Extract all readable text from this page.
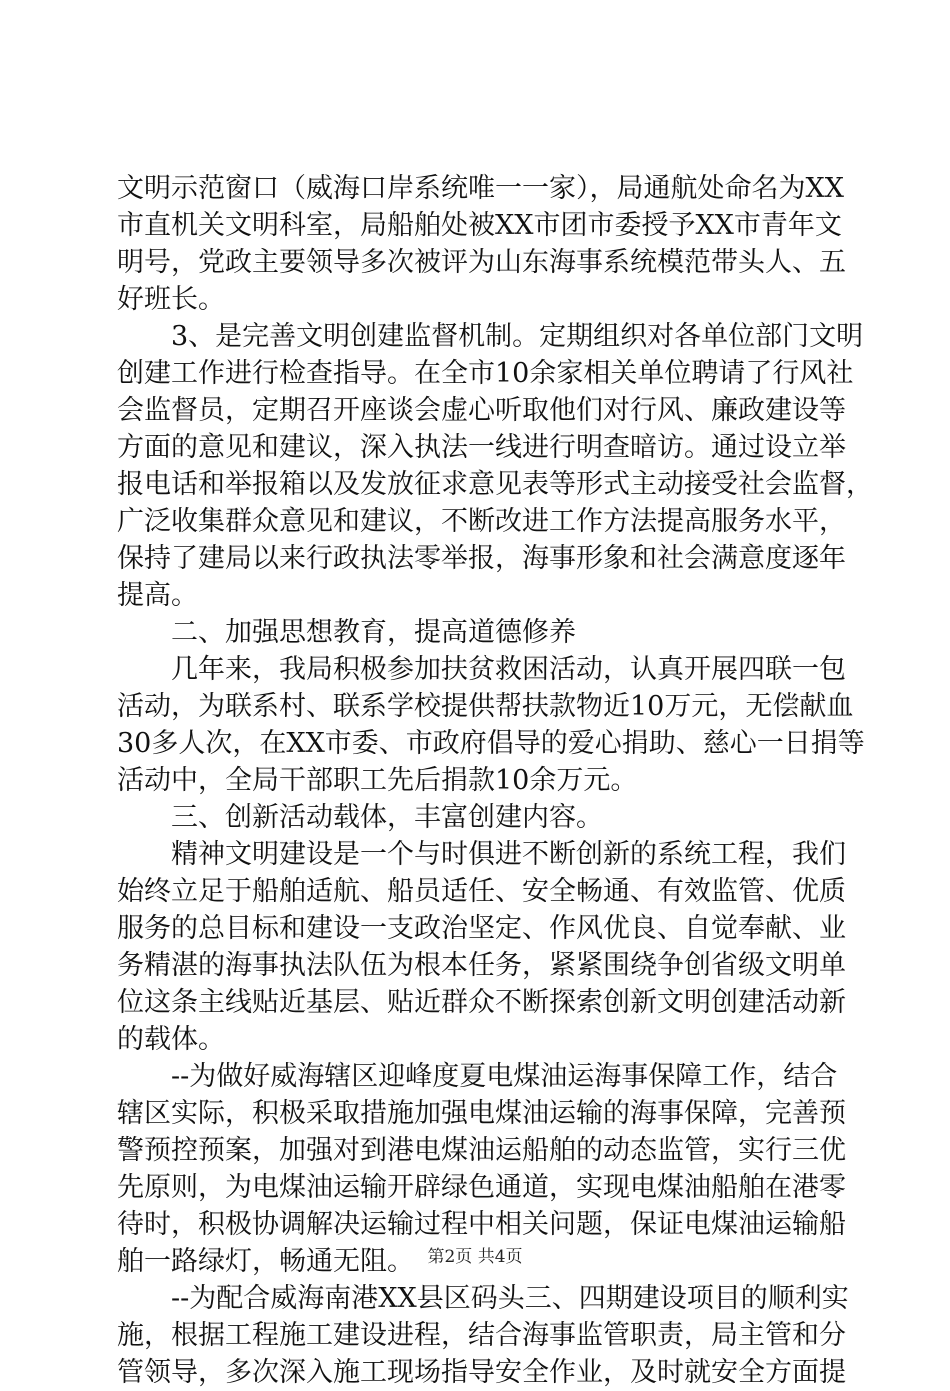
文明示范窗口（威海口岸系统唯一一家），局通航处命名为XX
市直机关文明科室，局船舶处被XX市团市委授予XX市青年文
明号，党政主要领导多次被评为山东海事系统模范带头人、五
好班长。
3、是完善文明创建监督机制。定期组织对各单位部门文明
创建工作进行检查指导。在全市10余家相关单位聘请了行风社
会监督员，定期召开座谈会虚心听取他们对行风、廉政建设等
方面的意见和建议，深入执法一线进行明查暗访。通过设立举
报电话和举报箱以及发放征求意见表等形式主动接受社会监督，
广泛收集群众意见和建议，不断改进工作方法提高服务水平，
保持了建局以来行政执法零举报，海事形象和社会满意度逐年
提高。
二、加强思想教育，提高道德修养
几年来，我局积极参加扶贫救困活动，认真开展四联一包
活动，为联系村、联系学校提供帮扶款物近10万元，无偿献血
30多人次，在XX市委、市政府倡导的爱心捐助、慈心一日捐等
活动中，全局干部职工先后捐款10余万元。
三、创新活动载体，丰富创建内容。
精神文明建设是一个与时俱进不断创新的系统工程，我们
始终立足于船舶适航、船员适任、安全畅通、有效监管、优质
服务的总目标和建设一支政治坚定、作风优良、自觉奉献、业
务精湛的海事执法队伍为根本任务，紧紧围绕争创省级文明单
位这条主线贴近基层、贴近群众不断探索创新文明创建活动新
的载体。
--为做好威海辖区迎峰度夏电煤油运海事保障工作，结合
辖区实际，积极采取措施加强电煤油运输的海事保障，完善预
警预控预案，加强对到港电煤油运船舶的动态监管，实行三优
先原则，为电煤油运输开辟绿色通道，实现电煤油船舶在港零
待时，积极协调解决运输过程中相关问题，保证电煤油运输船
舶一路绿灯，畅通无阻。
--为配合威海南港XX县区码头三、四期建设项目的顺利实
施，根据工程施工建设进程，结合海事监管职责，局主管和分
管领导，多次深入施工现场指导安全作业，及时就安全方面提
第2页 共4页
